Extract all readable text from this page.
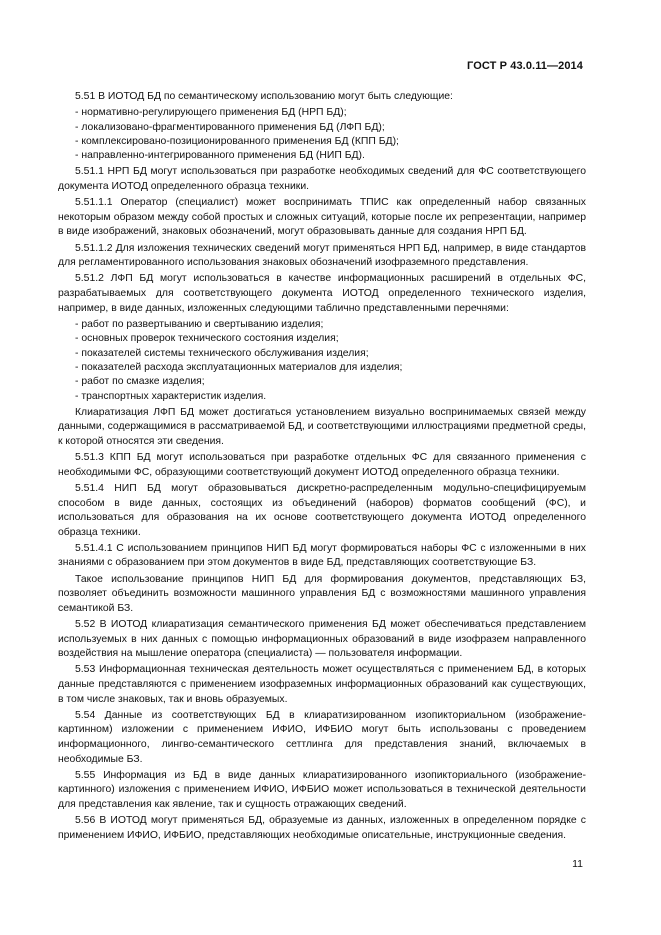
ГОСТ Р 43.0.11—2014

5.51 В ИОТОД БД по семантическому использованию могут быть следующие:

- нормативно-регулирующего применения БД (НРП БД);
- локализовано-фрагментированного применения БД (ЛФП БД);
- комплексировано-позиционированного применения БД (КПП БД);
- направленно-интегрированного применения БД (НИП БД).

5.51.1 НРП БД могут использоваться при разработке необходимых сведений для ФС соответствующего документа ИОТОД определенного образца техники.

5.51.1.1 Оператор (специалист) может воспринимать ТПИС как определенный набор связанных некоторым образом между собой простых и сложных ситуаций, которые после их репрезентации, например в виде изображений, знаковых обозначений, могут образовывать данные для создания НРП БД.

5.51.1.2 Для изложения технических сведений могут применяться НРП БД, например, в виде стандартов для регламентированного использования знаковых обозначений изофраземного представления.

5.51.2 ЛФП БД могут использоваться в качестве информационных расширений в отдельных ФС, разрабатываемых для соответствующего документа ИОТОД определенного технического изделия, например, в виде данных, изложенных следующими таблично представленными перечнями:

- работ по развертыванию и свертыванию изделия;
- основных проверок технического состояния изделия;
- показателей системы технического обслуживания изделия;
- показателей расхода эксплуатационных материалов для изделия;
- работ по смазке изделия;
- транспортных характеристик изделия.

Клиаратизация ЛФП БД может достигаться установлением визуально воспринимаемых связей между данными, содержащимися в рассматриваемой БД, и соответствующими иллюстрациями предметной среды, к которой относятся эти сведения.

5.51.3 КПП БД могут использоваться при разработке отдельных ФС для связанного применения с необходимыми ФС, образующими соответствующий документ ИОТОД определенного образца техники.

5.51.4 НИП БД могут образовываться дискретно-распределенным модульно-специфицируемым способом в виде данных, состоящих из объединений (наборов) форматов сообщений (ФС), и использоваться для образования на их основе соответствующего документа ИОТОД определенного образца техники.

5.51.4.1 С использованием принципов НИП БД могут формироваться наборы ФС с изложенными в них знаниями с образованием при этом документов в виде БД, представляющих соответствующие БЗ.

Такое использование принципов НИП БД для формирования документов, представляющих БЗ, позволяет объединить возможности машинного управления БД с возможностями машинного управления семантикой БЗ.

5.52 В ИОТОД клиаратизация семантического применения БД может обеспечиваться представлением используемых в них данных с помощью информационных образований в виде изофразем направленного воздействия на мышление оператора (специалиста) — пользователя информации.

5.53 Информационная техническая деятельность может осуществляться с применением БД, в которых данные представляются с применением изофраземных информационных образований как существующих, в том числе знаковых, так и вновь образуемых.

5.54 Данные из соответствующих БД в клиаратизированном изопиктoриальном (изображение-картинном) изложении с применением ИФИО, ИФБИО могут быть использованы с проведением информационного, лингво-семантического сеттлинга для представления знаний, включаемых в необходимые БЗ.

5.55 Информация из БД в виде данных клиаратизированного изопиктoриального (изображение-картинного) изложения с применением ИФИО, ИФБИО может использоваться в технической деятельности для представления как явление, так и сущность отражающих сведений.

5.56 В ИОТОД могут применяться БД, образуемые из данных, изложенных в определенном порядке с применением ИФИО, ИФБИО, представляющих необходимые описательные, инструкционные сведения.

11
